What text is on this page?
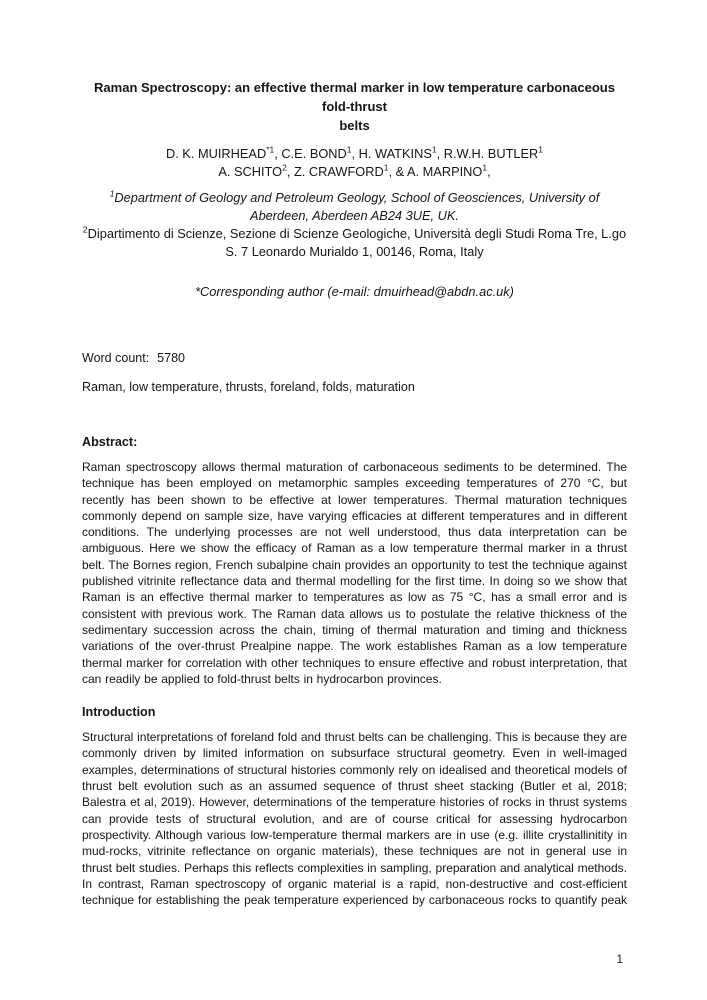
Raman Spectroscopy: an effective thermal marker in low temperature carbonaceous fold-thrust
belts
D. K. MUIRHEAD$^{*1}$, C.E. BOND$^1$, H. WATKINS$^1$, R.W.H. BUTLER$^1$
A. SCHITO$^2$, Z. CRAWFORD$^1$, & A. MARPINO$^1$,

$^1$Department of Geology and Petroleum Geology, School of Geosciences, University of Aberdeen, Aberdeen AB24 3UE, UK.

$^2$Dipartimento di Scienze, Sezione di Scienze Geologiche, Università degli Studi Roma Tre, L.go S. 7 Leonardo Murialdo 1, 00146, Roma, Italy

*Corresponding author (e-mail: dmuirhead@abdn.ac.uk)
Word count: 5780
Raman, low temperature, thrusts, foreland, folds, maturation
Abstract:

Raman spectroscopy allows thermal maturation of carbonaceous sediments to be determined. The technique has been employed on metamorphic samples exceeding temperatures of 270 °C, but recently has been shown to be effective at lower temperatures. Thermal maturation techniques commonly depend on sample size, have varying efficacies at different temperatures and in different conditions. The underlying processes are not well understood, thus data interpretation can be ambiguous. Here we show the efficacy of Raman as a low temperature thermal marker in a thrust belt. The Bornes region, French subalpine chain provides an opportunity to test the technique against published vitrinite reflectance data and thermal modelling for the first time. In doing so we show that Raman is an effective thermal marker to temperatures as low as 75 °C, has a small error and is consistent with previous work. The Raman data allows us to postulate the relative thickness of the sedimentary succession across the chain, timing of thermal maturation and timing and thickness variations of the over-thrust Prealpine nappe. The work establishes Raman as a low temperature thermal marker for correlation with other techniques to ensure effective and robust interpretation, that can readily be applied to fold-thrust belts in hydrocarbon provinces.

Introduction

Structural interpretations of foreland fold and thrust belts can be challenging. This is because they are commonly driven by limited information on subsurface structural geometry. Even in well-imaged examples, determinations of structural histories commonly rely on idealised and theoretical models of thrust belt evolution such as an assumed sequence of thrust sheet stacking (Butler et al, 2018; Balestra et al, 2019). However, determinations of the temperature histories of rocks in thrust systems can provide tests of structural evolution, and are of course critical for assessing hydrocarbon prospectivity. Although various low-temperature thermal markers are in use (e.g. illite crystallinitity in mud-rocks, vitrinite reflectance on organic materials), these techniques are not in general use in thrust belt studies. Perhaps this reflects complexities in sampling, preparation and analytical methods. In contrast, Raman spectroscopy of organic material is a rapid, non-destructive and cost-efficient technique for establishing the peak temperature experienced by carbonaceous rocks to quantify peak

1
